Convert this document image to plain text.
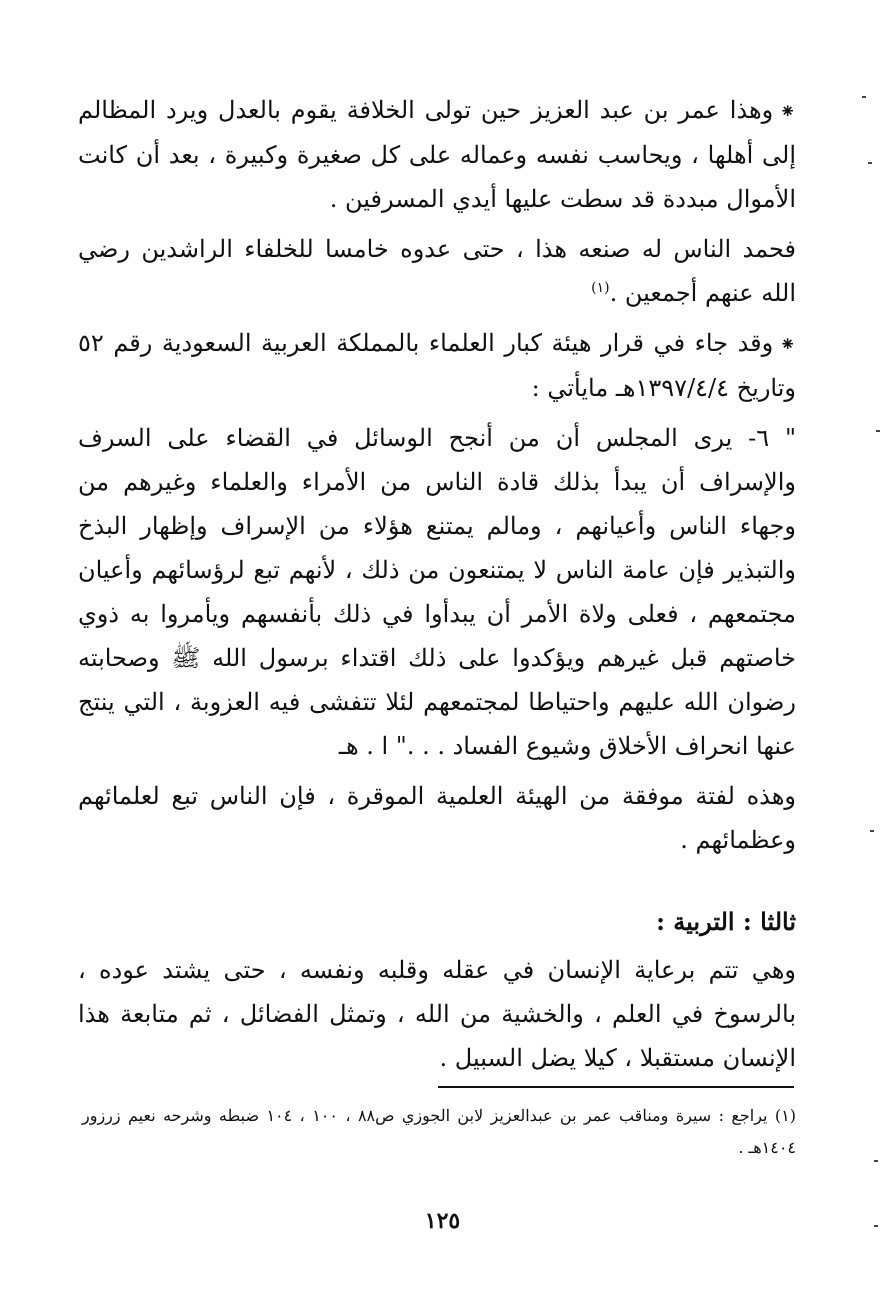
⁕وهذا عمر بن عبد العزيز حين تولى الخلافة يقوم بالعدل ويرد المظالم إلى أهلها ، ويحاسب نفسه وعماله على كل صغيرة وكبيرة ، بعد أن كانت الأموال مبددة قد سطت عليها أيدي المسرفين .

فحمد الناس له صنعه هذا ، حتى عدوه خامسا للخلفاء الراشدين رضي الله عنهم أجمعين .$^{(١)}$

⁕وقد جاء في قرار هيئة كبار العلماء بالمملكة العربية السعودية رقم ٥٢ وتاريخ ١٣٩٧/٤/٤هـ مايأتي :

" ٦- يرى المجلس أن من أنجح الوسائل في القضاء على السرف والإسراف أن يبدأ بذلك قادة الناس من الأمراء والعلماء وغيرهم من وجهاء الناس وأعيانهم ، ومالم يمتنع هؤلاء من الإسراف وإظهار البذخ والتبذير فإن عامة الناس لا يمتنعون من ذلك ، لأنهم تبع لرؤسائهم وأعيان مجتمعهم ، فعلى ولاة الأمر أن يبدأوا في ذلك بأنفسهم ويأمروا به ذوي خاصتهم قبل غيرهم ويؤكدوا على ذلك اقتداء برسول الله ﷺ وصحابته رضوان الله عليهم واحتياطا لمجتمعهم لئلا تتفشى فيه العزوبة ، التي ينتج عنها انحراف الأخلاق وشيوع الفساد . . ." ا . هـ

وهذه لفتة موفقة من الهيئة العلمية الموقرة ، فإن الناس تبع لعلمائهم وعظمائهم .

ثالثا : التربية :

وهي تتم برعاية الإنسان في عقله وقلبه ونفسه ، حتى يشتد عوده ، بالرسوخ في العلم ، والخشية من الله ، وتمثل الفضائل ، ثم متابعة هذا الإنسان مستقبلا ، كيلا يضل السبيل .

(١) يراجع : سيرة ومناقب عمر بن عبدالعزيز لابن الجوزي ص٨٨ ، ١٠٠ ، ١٠٤ ضبطه وشرحه نعيم زرزور ١٤٠٤هـ .
١٢٥
